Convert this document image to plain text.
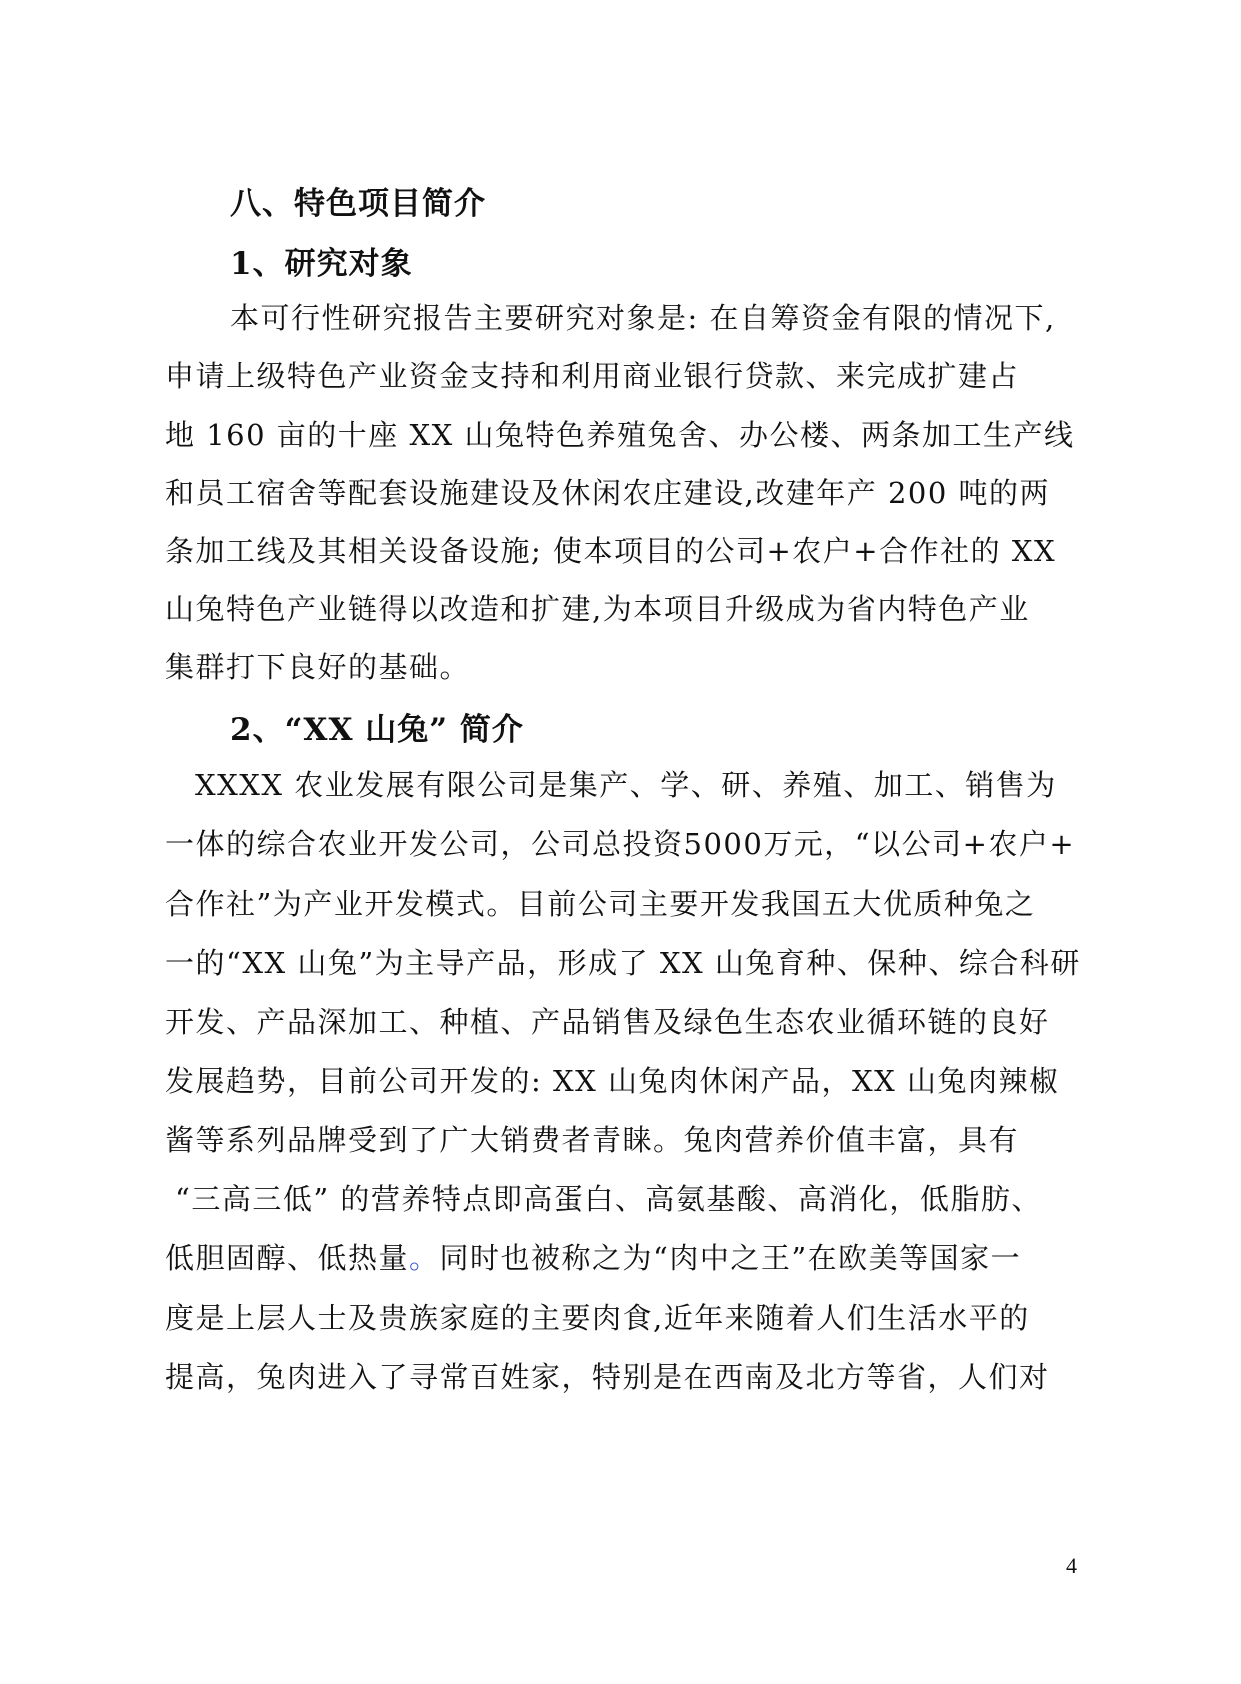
八、特色项目简介
1、研究对象
本可行性研究报告主要研究对象是: 在自筹资金有限的情况下,
申请上级特色产业资金支持和利用商业银行贷款、来完成扩建占
地 160 亩的十座 XX 山兔特色养殖兔舍、办公楼、两条加工生产线
和员工宿舍等配套设施建设及休闲农庄建设,改建年产 200 吨的两
条加工线及其相关设备设施; 使本项目的公司+农户+合作社的 XX
山兔特色产业链得以改造和扩建,为本项目升级成为省内特色产业
集群打下良好的基础。
2、“XX 山兔” 简介
XXXX 农业发展有限公司是集产、学、研、养殖、加工、销售为
一体的综合农业开发公司，公司总投资5000万元，“以公司+农户+
合作社”为产业开发模式。目前公司主要开发我国五大优质种兔之
一的“XX 山兔”为主导产品，形成了 XX 山兔育种、保种、综合科研
开发、产品深加工、种植、产品销售及绿色生态农业循环链的良好
发展趋势，目前公司开发的: XX 山兔肉休闲产品，XX 山兔肉辣椒
酱等系列品牌受到了广大销费者青睐。兔肉营养价值丰富，具有
“三高三低” 的营养特点即高蛋白、高氨基酸、高消化，低脂肪、
低胆固醇、低热量。同时也被称之为“肉中之王”在欧美等国家一
度是上层人士及贵族家庭的主要肉食,近年来随着人们生活水平的
提高，兔肉进入了寻常百姓家，特别是在西南及北方等省，人们对
4
